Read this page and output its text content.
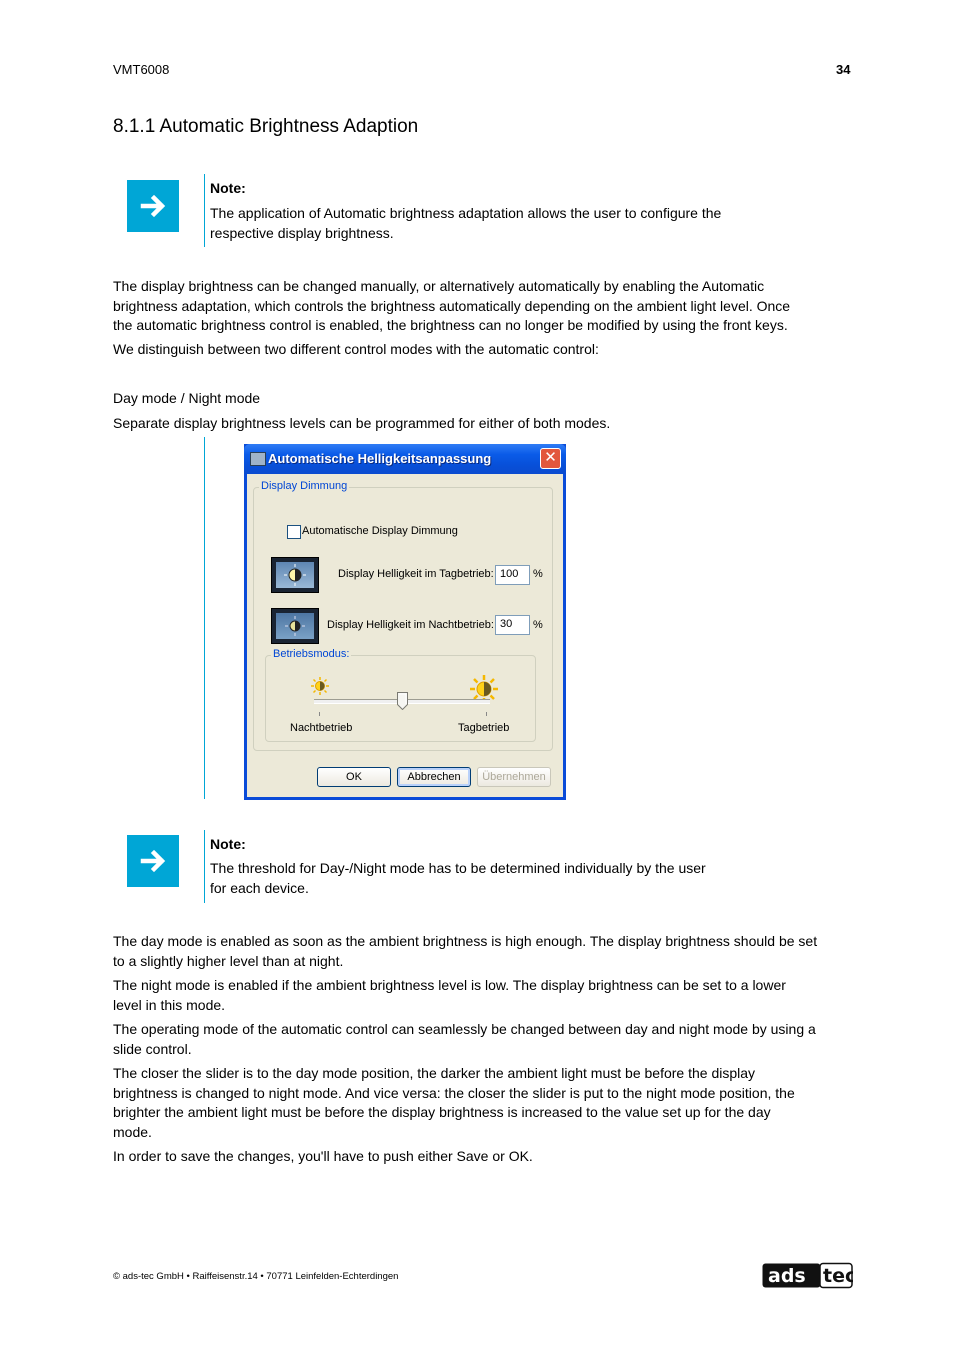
VMT6008	34
8.1.1 Automatic Brightness Adaption
Note:
The application of Automatic brightness adaptation allows the user to configure the
respective display brightness.
The display brightness can be changed manually, or alternatively automatically by enabling the Automatic
brightness adaptation, which controls the brightness automatically depending on the ambient light level. Once
the automatic brightness control is enabled, the brightness can no longer be modified by using the front keys.
We distinguish between two different control modes with the automatic control:
Day mode / Night mode
Separate display brightness levels can be programmed for either of both modes.
Automatische Helligkeitsanpassung	✕
Display Dimmung
Automatische Display Dimmung
Display Helligkeit im Tagbetrieb: 100	%
Display Helligkeit im Nachtbetrieb: 30	%
Betriebsmodus:
Nachtbetrieb	Tagbetrieb
OK	Abbrechen	Übernehmen
Note:
The threshold for Day-/Night mode has to be determined individually by the user
for each device.
The day mode is enabled as soon as the ambient brightness is high enough. The display brightness should be set
to a slightly higher level than at night.
The night mode is enabled if the ambient brightness level is low. The display brightness can be set to a lower
level in this mode.
The operating mode of the automatic control can seamlessly be changed between day and night mode by using a
slide control.
The closer the slider is to the day mode position, the darker the ambient light must be before the display
brightness is changed to night mode. And vice versa: the closer the slider is put to the night mode position, the
brighter the ambient light must be before the display brightness is increased to the value set up for the day
mode.
In order to save the changes, you'll have to push either Save or OK.
© ads-tec GmbH • Raiffeisenstr.14 • 70771 Leinfelden-Echterdingen	ads tec
